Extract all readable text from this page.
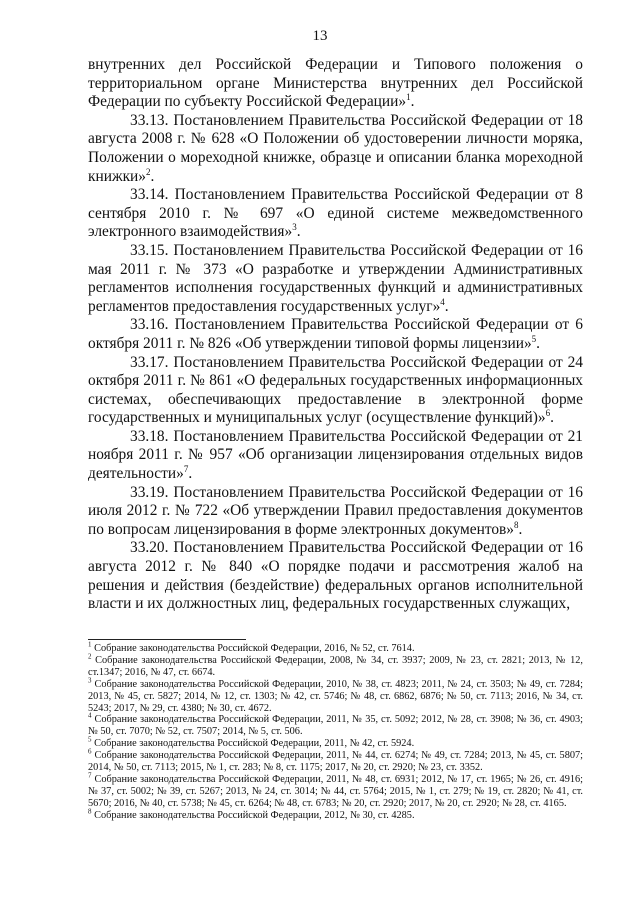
13

внутренних дел Российской Федерации и Типового положения о территориальном органе Министерства внутренних дел Российской Федерации по субъекту Российской Федерации»$^1$.

33.13. Постановлением Правительства Российской Федерации от 18 августа 2008 г. № 628 «О Положении об удостоверении личности моряка, Положении о мореходной книжке, образце и описании бланка мореходной книжки»$^2$.

33.14. Постановлением Правительства Российской Федерации от 8 сентября 2010 г. № 697 «О единой системе межведомственного электронного взаимодействия»$^3$.

33.15. Постановлением Правительства Российской Федерации от 16 мая 2011 г. № 373 «О разработке и утверждении Административных регламентов исполнения государственных функций и административных регламентов предоставления государственных услуг»$^4$.

33.16. Постановлением Правительства Российской Федерации от 6 октября 2011 г. № 826 «Об утверждении типовой формы лицензии»$^5$.

33.17. Постановлением Правительства Российской Федерации от 24 октября 2011 г. № 861 «О федеральных государственных информационных системах, обеспечивающих предоставление в электронной форме государственных и муниципальных услуг (осуществление функций)»$^6$.

33.18. Постановлением Правительства Российской Федерации от 21 ноября 2011 г. № 957 «Об организации лицензирования отдельных видов деятельности»$^7$.

33.19. Постановлением Правительства Российской Федерации от 16 июля 2012 г. № 722 «Об утверждении Правил предоставления документов по вопросам лицензирования в форме электронных документов»$^8$.

33.20. Постановлением Правительства Российской Федерации от 16 августа 2012 г. № 840 «О порядке подачи и рассмотрения жалоб на решения и действия (бездействие) федеральных органов исполнительной власти и их должностных лиц, федеральных государственных служащих,

$^1$ Собрание законодательства Российской Федерации, 2016, № 52, ст. 7614.

$^2$ Собрание законодательства Российской Федерации, 2008, № 34, ст. 3937; 2009, № 23, ст. 2821; 2013, № 12, ст.1347; 2016, № 47, ст. 6674.

$^3$ Собрание законодательства Российской Федерации, 2010, № 38, ст. 4823; 2011, № 24, ст. 3503; № 49, ст. 7284; 2013, № 45, ст. 5827; 2014, № 12, ст. 1303; № 42, ст. 5746; № 48, ст. 6862, 6876; № 50, ст. 7113; 2016, № 34, ст. 5243; 2017, № 29, ст. 4380; № 30, ст. 4672.

$^4$ Собрание законодательства Российской Федерации, 2011, № 35, ст. 5092; 2012, № 28, ст. 3908; № 36, ст. 4903; № 50, ст. 7070; № 52, ст. 7507; 2014, № 5, ст. 506.

$^5$ Собрание законодательства Российской Федерации, 2011, № 42, ст. 5924.

$^6$ Собрание законодательства Российской Федерации, 2011, № 44, ст. 6274; № 49, ст. 7284; 2013, № 45, ст. 5807; 2014, № 50, ст. 7113; 2015, № 1, ст. 283; № 8, ст. 1175; 2017, № 20, ст. 2920; № 23, ст. 3352.

$^7$ Собрание законодательства Российской Федерации, 2011, № 48, ст. 6931; 2012, № 17, ст. 1965; № 26, ст. 4916; № 37, ст. 5002; № 39, ст. 5267; 2013, № 24, ст. 3014; № 44, ст. 5764; 2015, № 1, ст. 279; № 19, ст. 2820; № 41, ст. 5670; 2016, № 40, ст. 5738; № 45, ст. 6264; № 48, ст. 6783; № 20, ст. 2920; 2017, № 20, ст. 2920; № 28, ст. 4165.

$^8$ Собрание законодательства Российской Федерации, 2012, № 30, ст. 4285.
